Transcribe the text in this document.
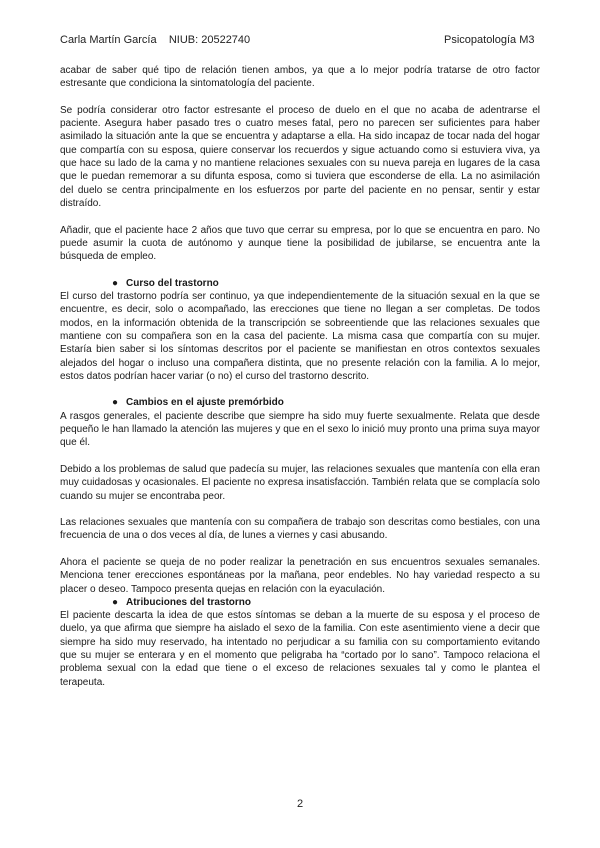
Carla Martín García NIUB: 20522740	Psicopatología M3

acabar de saber qué tipo de relación tienen ambos, ya que a lo mejor podría tratarse de otro factor estresante que condiciona la sintomatología del paciente.

Se podría considerar otro factor estresante el proceso de duelo en el que no acaba de adentrarse el paciente. Asegura haber pasado tres o cuatro meses fatal, pero no parecen ser suficientes para haber asimilado la situación ante la que se encuentra y adaptarse a ella. Ha sido incapaz de tocar nada del hogar que compartía con su esposa, quiere conservar los recuerdos y sigue actuando como si estuviera viva, ya que hace su lado de la cama y no mantiene relaciones sexuales con su nueva pareja en lugares de la casa que le puedan rememorar a su difunta esposa, como si tuviera que esconderse de ella. La no asimilación del duelo se centra principalmente en los esfuerzos por parte del paciente en no pensar, sentir y estar distraído.

Añadir, que el paciente hace 2 años que tuvo que cerrar su empresa, por lo que se encuentra en paro. No puede asumir la cuota de autónomo y aunque tiene la posibilidad de jubilarse, se encuentra ante la búsqueda de empleo.

● Curso del trastorno

El curso del trastorno podría ser continuo, ya que independientemente de la situación sexual en la que se encuentre, es decir, solo o acompañado, las erecciones que tiene no llegan a ser completas. De todos modos, en la información obtenida de la transcripción se sobreentiende que las relaciones sexuales que mantiene con su compañera son en la casa del paciente. La misma casa que compartía con su mujer. Estaría bien saber si los síntomas descritos por el paciente se manifiestan en otros contextos sexuales alejados del hogar o incluso una compañera distinta, que no presente relación con la familia. A lo mejor, estos datos podrían hacer variar (o no) el curso del trastorno descrito.

● Cambios en el ajuste premórbido

A rasgos generales, el paciente describe que siempre ha sido muy fuerte sexualmente. Relata que desde pequeño le han llamado la atención las mujeres y que en el sexo lo inició muy pronto una prima suya mayor que él.

Debido a los problemas de salud que padecía su mujer, las relaciones sexuales que mantenía con ella eran muy cuidadosas y ocasionales. El paciente no expresa insatisfacción. También relata que se complacía solo cuando su mujer se encontraba peor.

Las relaciones sexuales que mantenía con su compañera de trabajo son descritas como bestiales, con una frecuencia de una o dos veces al día, de lunes a viernes y casi abusando.

Ahora el paciente se queja de no poder realizar la penetración en sus encuentros sexuales semanales. Menciona tener erecciones espontáneas por la mañana, peor endebles. No hay variedad respecto a su placer o deseo. Tampoco presenta quejas en relación con la eyaculación.

● Atribuciones del trastorno

El paciente descarta la idea de que estos síntomas se deban a la muerte de su esposa y el proceso de duelo, ya que afirma que siempre ha aislado el sexo de la familia. Con este asentimiento viene a decir que siempre ha sido muy reservado, ha intentado no perjudicar a su familia con su comportamiento evitando que su mujer se enterara y en el momento que peligraba ha “cortado por lo sano”. Tampoco relaciona el problema sexual con la edad que tiene o el exceso de relaciones sexuales tal y como le plantea el terapeuta.

2
